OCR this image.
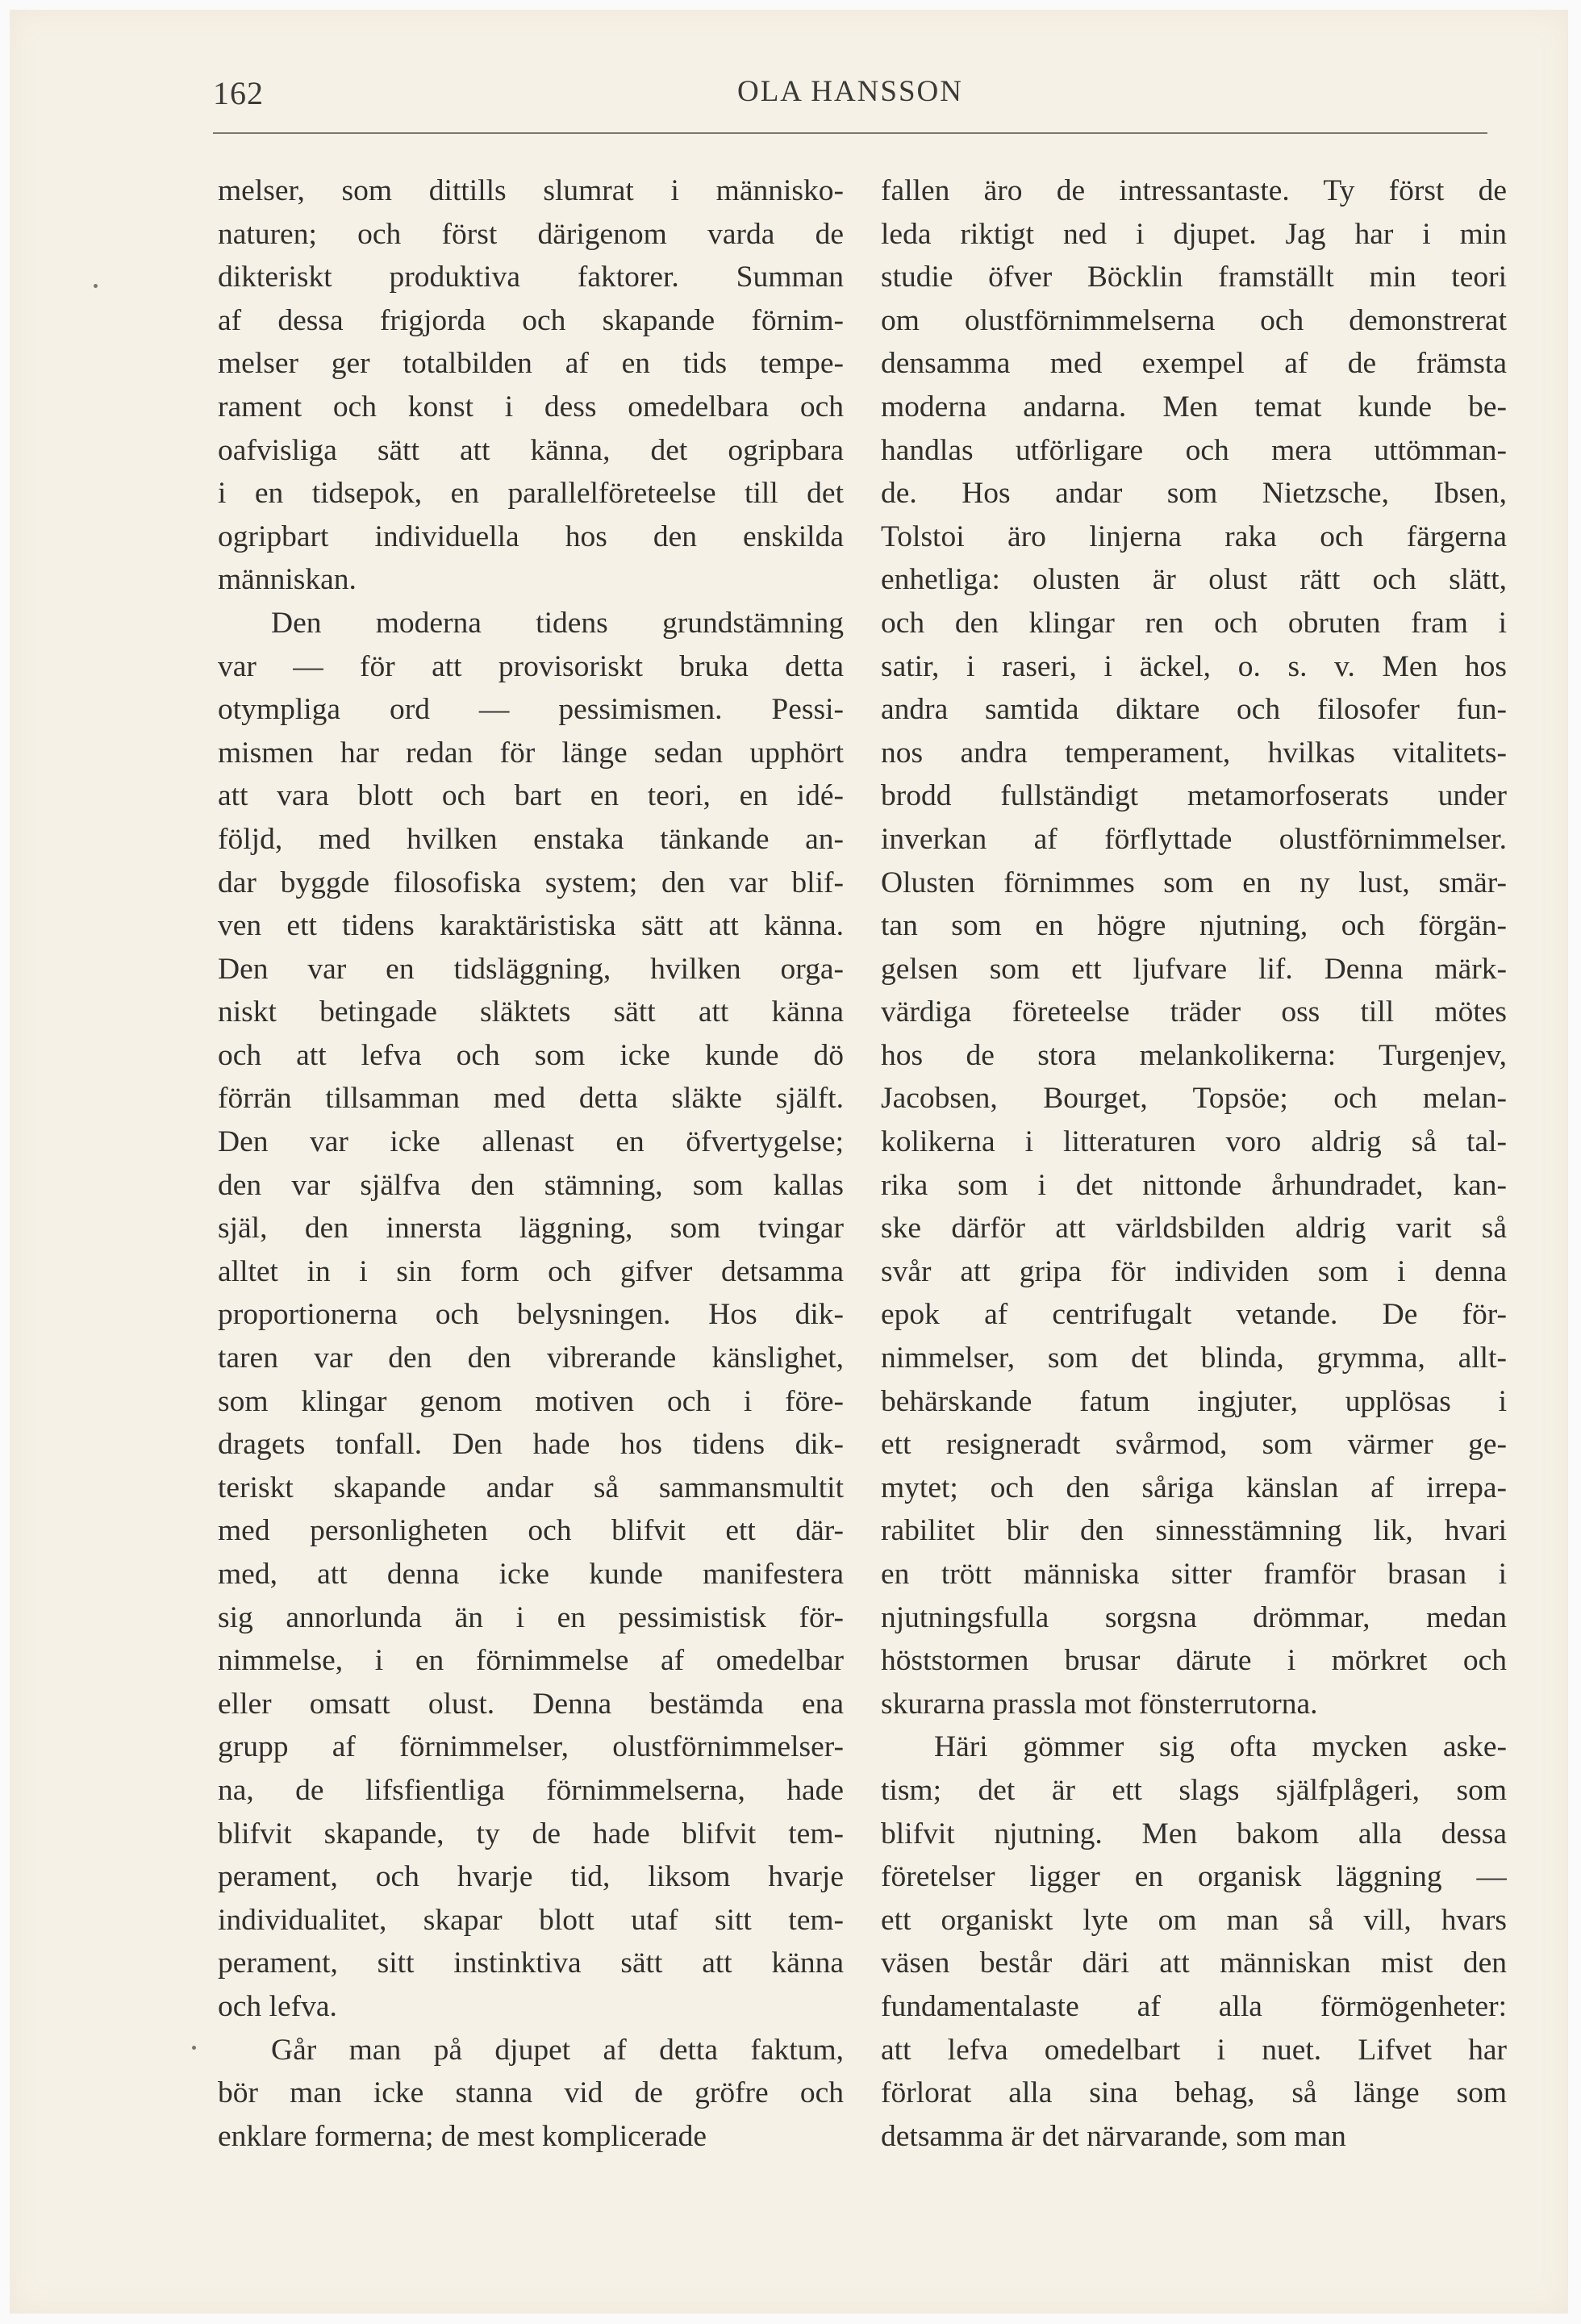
162	OLA HANSSON
melser, som dittills slumrat i människo-
naturen; och först därigenom varda de
dikteriskt produktiva faktorer. Summan
af dessa frigjorda och skapande förnim-
melser ger totalbilden af en tids tempe-
rament och konst i dess omedelbara och
oafvisliga sätt att känna, det ogripbara
i en tidsepok, en parallelföreteelse till det
ogripbart individuella hos den enskilda
människan.
Den moderna tidens grundstämning
var — för att provisoriskt bruka detta
otympliga ord — pessimismen. Pessi-
mismen har redan för länge sedan upphört
att vara blott och bart en teori, en idé-
följd, med hvilken enstaka tänkande an-
dar byggde filosofiska system; den var blif-
ven ett tidens karaktäristiska sätt att känna.
Den var en tidsläggning, hvilken orga-
niskt betingade släktets sätt att känna
och att lefva och som icke kunde dö
förrän tillsamman med detta släkte själft.
Den var icke allenast en öfvertygelse;
den var själfva den stämning, som kallas
själ, den innersta läggning, som tvingar
alltet in i sin form och gifver detsamma
proportionerna och belysningen. Hos dik-
taren var den den vibrerande känslighet,
som klingar genom motiven och i före-
dragets tonfall. Den hade hos tidens dik-
teriskt skapande andar så sammansmultit
med personligheten och blifvit ett där-
med, att denna icke kunde manifestera
sig annorlunda än i en pessimistisk för-
nimmelse, i en förnimmelse af omedelbar
eller omsatt olust. Denna bestämda ena
grupp af förnimmelser, olustförnimmelser-
na, de lifsfientliga förnimmelserna, hade
blifvit skapande, ty de hade blifvit tem-
perament, och hvarje tid, liksom hvarje
individualitet, skapar blott utaf sitt tem-
perament, sitt instinktiva sätt att känna
och lefva.
Går man på djupet af detta faktum,
bör man icke stanna vid de gröfre och
enklare formerna; de mest komplicerade
fallen äro de intressantaste. Ty först de
leda riktigt ned i djupet. Jag har i min
studie öfver Böcklin framställt min teori
om olustförnimmelserna och demonstrerat
densamma med exempel af de främsta
moderna andarna. Men temat kunde be-
handlas utförligare och mera uttömman-
de. Hos andar som Nietzsche, Ibsen,
Tolstoi äro linjerna raka och färgerna
enhetliga: olusten är olust rätt och slätt,
och den klingar ren och obruten fram i
satir, i raseri, i äckel, o. s. v. Men hos
andra samtida diktare och filosofer fun-
nos andra temperament, hvilkas vitalitets-
brodd fullständigt metamorfoserats under
inverkan af förflyttade olustförnimmelser.
Olusten förnimmes som en ny lust, smär-
tan som en högre njutning, och förgän-
gelsen som ett ljufvare lif. Denna märk-
värdiga företeelse träder oss till mötes
hos de stora melankolikerna: Turgenjev,
Jacobsen, Bourget, Topsöe; och melan-
kolikerna i litteraturen voro aldrig så tal-
rika som i det nittonde århundradet, kan-
ske därför att världsbilden aldrig varit så
svår att gripa för individen som i denna
epok af centrifugalt vetande. De för-
nimmelser, som det blinda, grymma, allt-
behärskande fatum ingjuter, upplösas i
ett resigneradt svårmod, som värmer ge-
mytet; och den såriga känslan af irrepa-
rabilitet blir den sinnesstämning lik, hvari
en trött människa sitter framför brasan i
njutningsfulla sorgsna drömmar, medan
höststormen brusar därute i mörkret och
skurarna prassla mot fönsterrutorna.
Häri gömmer sig ofta mycken aske-
tism; det är ett slags själfplågeri, som
blifvit njutning. Men bakom alla dessa
företelser ligger en organisk läggning —
ett organiskt lyte om man så vill, hvars
väsen består däri att människan mist den
fundamentalaste af alla förmögenheter:
att lefva omedelbart i nuet. Lifvet har
förlorat alla sina behag, så länge som
detsamma är det närvarande, som man
